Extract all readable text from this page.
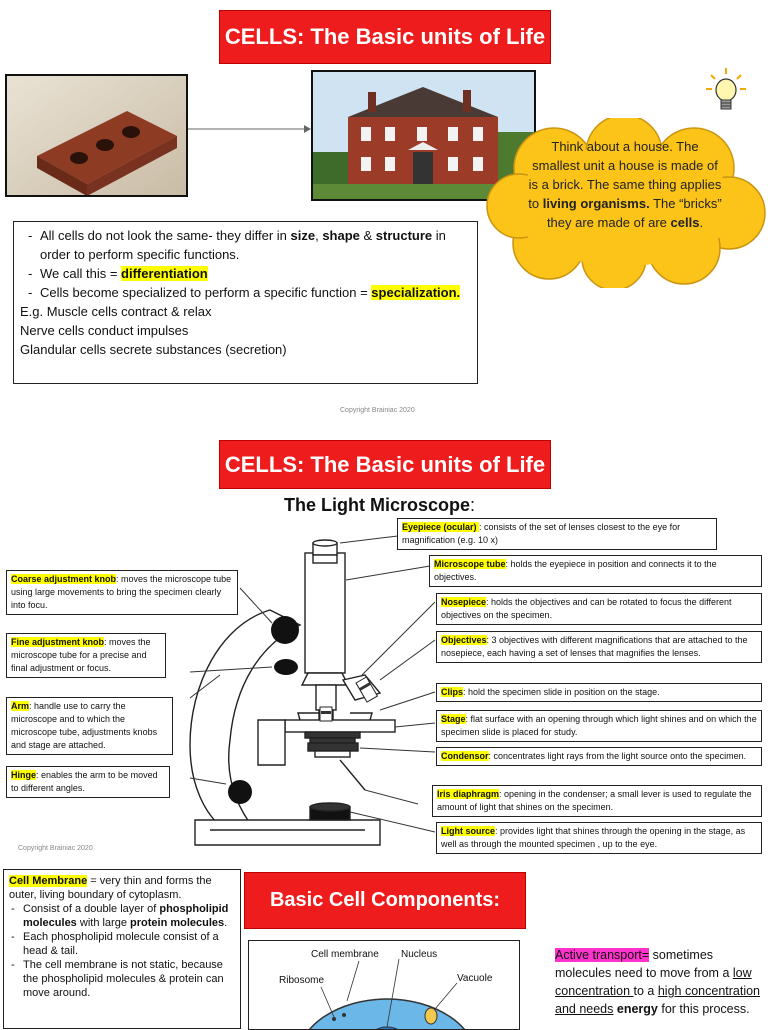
CELLS: The Basic units of Life
Think about a house. The smallest unit a house is made of is a brick. The same thing applies to living organisms. The “bricks” they are made of are cells.
- All cells do not look the same- they differ in size, shape & structure in order to perform specific functions.
- We call this = differentiation
- Cells become specialized to perform a specific function = specialization.
E.g. Muscle cells contract & relax
Nerve cells conduct impulses
Glandular cells secrete substances (secretion)
Copyright Brainiac 2020
CELLS: The Basic units of Life
The Light Microscope:
Eyepiece (ocular) : consists of the set of lenses closest to the eye for magnification (e.g. 10 x)
Microscope tube: holds the eyepiece in position and connects it to the objectives.
Nosepiece: holds the objectives and can be rotated to focus the different objectives on the specimen.
Objectives: 3 objectives with different magnifications that are attached to the nosepiece, each having a set of lenses that magnifies the lenses.
Clips: hold the specimen slide in position on the stage.
Stage: flat surface with an opening through which light shines and on which the specimen slide is placed for study.
Condensor: concentrates light rays from the light source onto the specimen.
Iris diaphragm: opening in the condenser; a small lever is used to regulate the amount of light that shines on the specimen.
Light source: provides light that shines through the opening in the stage, as well as through the mounted specimen , up to the eye.
Coarse adjustment knob: moves the microscope tube using large movements to bring the specimen clearly into focu.
Fine adjustment knob: moves the microscope tube for a precise and final adjustment or focus.
Arm: handle use to carry the microscope and to which the microscope tube, adjustments knobs and stage are attached.
Hinge: enables the arm to be moved to different angles.
Copyright Brainiac 2020
Cell Membrane = very thin and forms the outer, living boundary of cytoplasm.
- Consist of a double layer of phospholipid molecules with large protein molecules.
- Each phospholipid molecule consist of a head & tail.
- The cell membrane is not static, because the phospholipid molecules & protein can move around.
Basic Cell Components:
Cell membrane Nucleus
Ribosome	Vacuole
Active transport= sometimes molecules need to move from a low concentration to a high concentration and needs energy for this process.
